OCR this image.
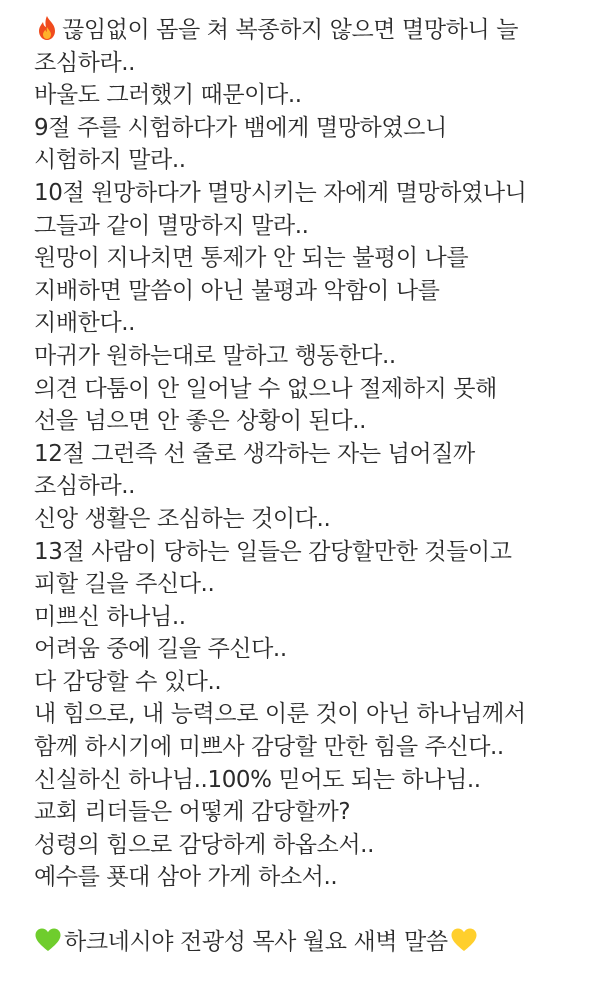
끊임없이 몸을 쳐 복종하지 않으면 멸망하니 늘
조심하라..
바울도 그러했기 때문이다..
9절 주를 시험하다가 뱀에게 멸망하였으니
시험하지 말라..
10절 원망하다가 멸망시키는 자에게 멸망하였나니
그들과 같이 멸망하지 말라..
원망이 지나치면 통제가 안 되는 불평이 나를
지배하면 말씀이 아닌 불평과 악함이 나를
지배한다..
마귀가 원하는대로 말하고 행동한다..
의견 다툼이 안 일어날 수 없으나 절제하지 못해
선을 넘으면 안 좋은 상황이 된다..
12절 그런즉 선 줄로 생각하는 자는 넘어질까
조심하라..
신앙 생활은 조심하는 것이다..
13절 사람이 당하는 일들은 감당할만한 것들이고
피할 길을 주신다..
미쁘신 하나님..
어려움 중에 길을 주신다..
다 감당할 수 있다..
내 힘으로, 내 능력으로 이룬 것이 아닌 하나님께서
함께 하시기에 미쁘사 감당할 만한 힘을 주신다..
신실하신 하나님..100% 믿어도 되는 하나님..
교회 리더들은 어떻게 감당할까?
성령의 힘으로 감당하게 하옵소서..
예수를 푯대 삼아 가게 하소서..
하크네시야 전광성 목사 월요 새벽 말씀
